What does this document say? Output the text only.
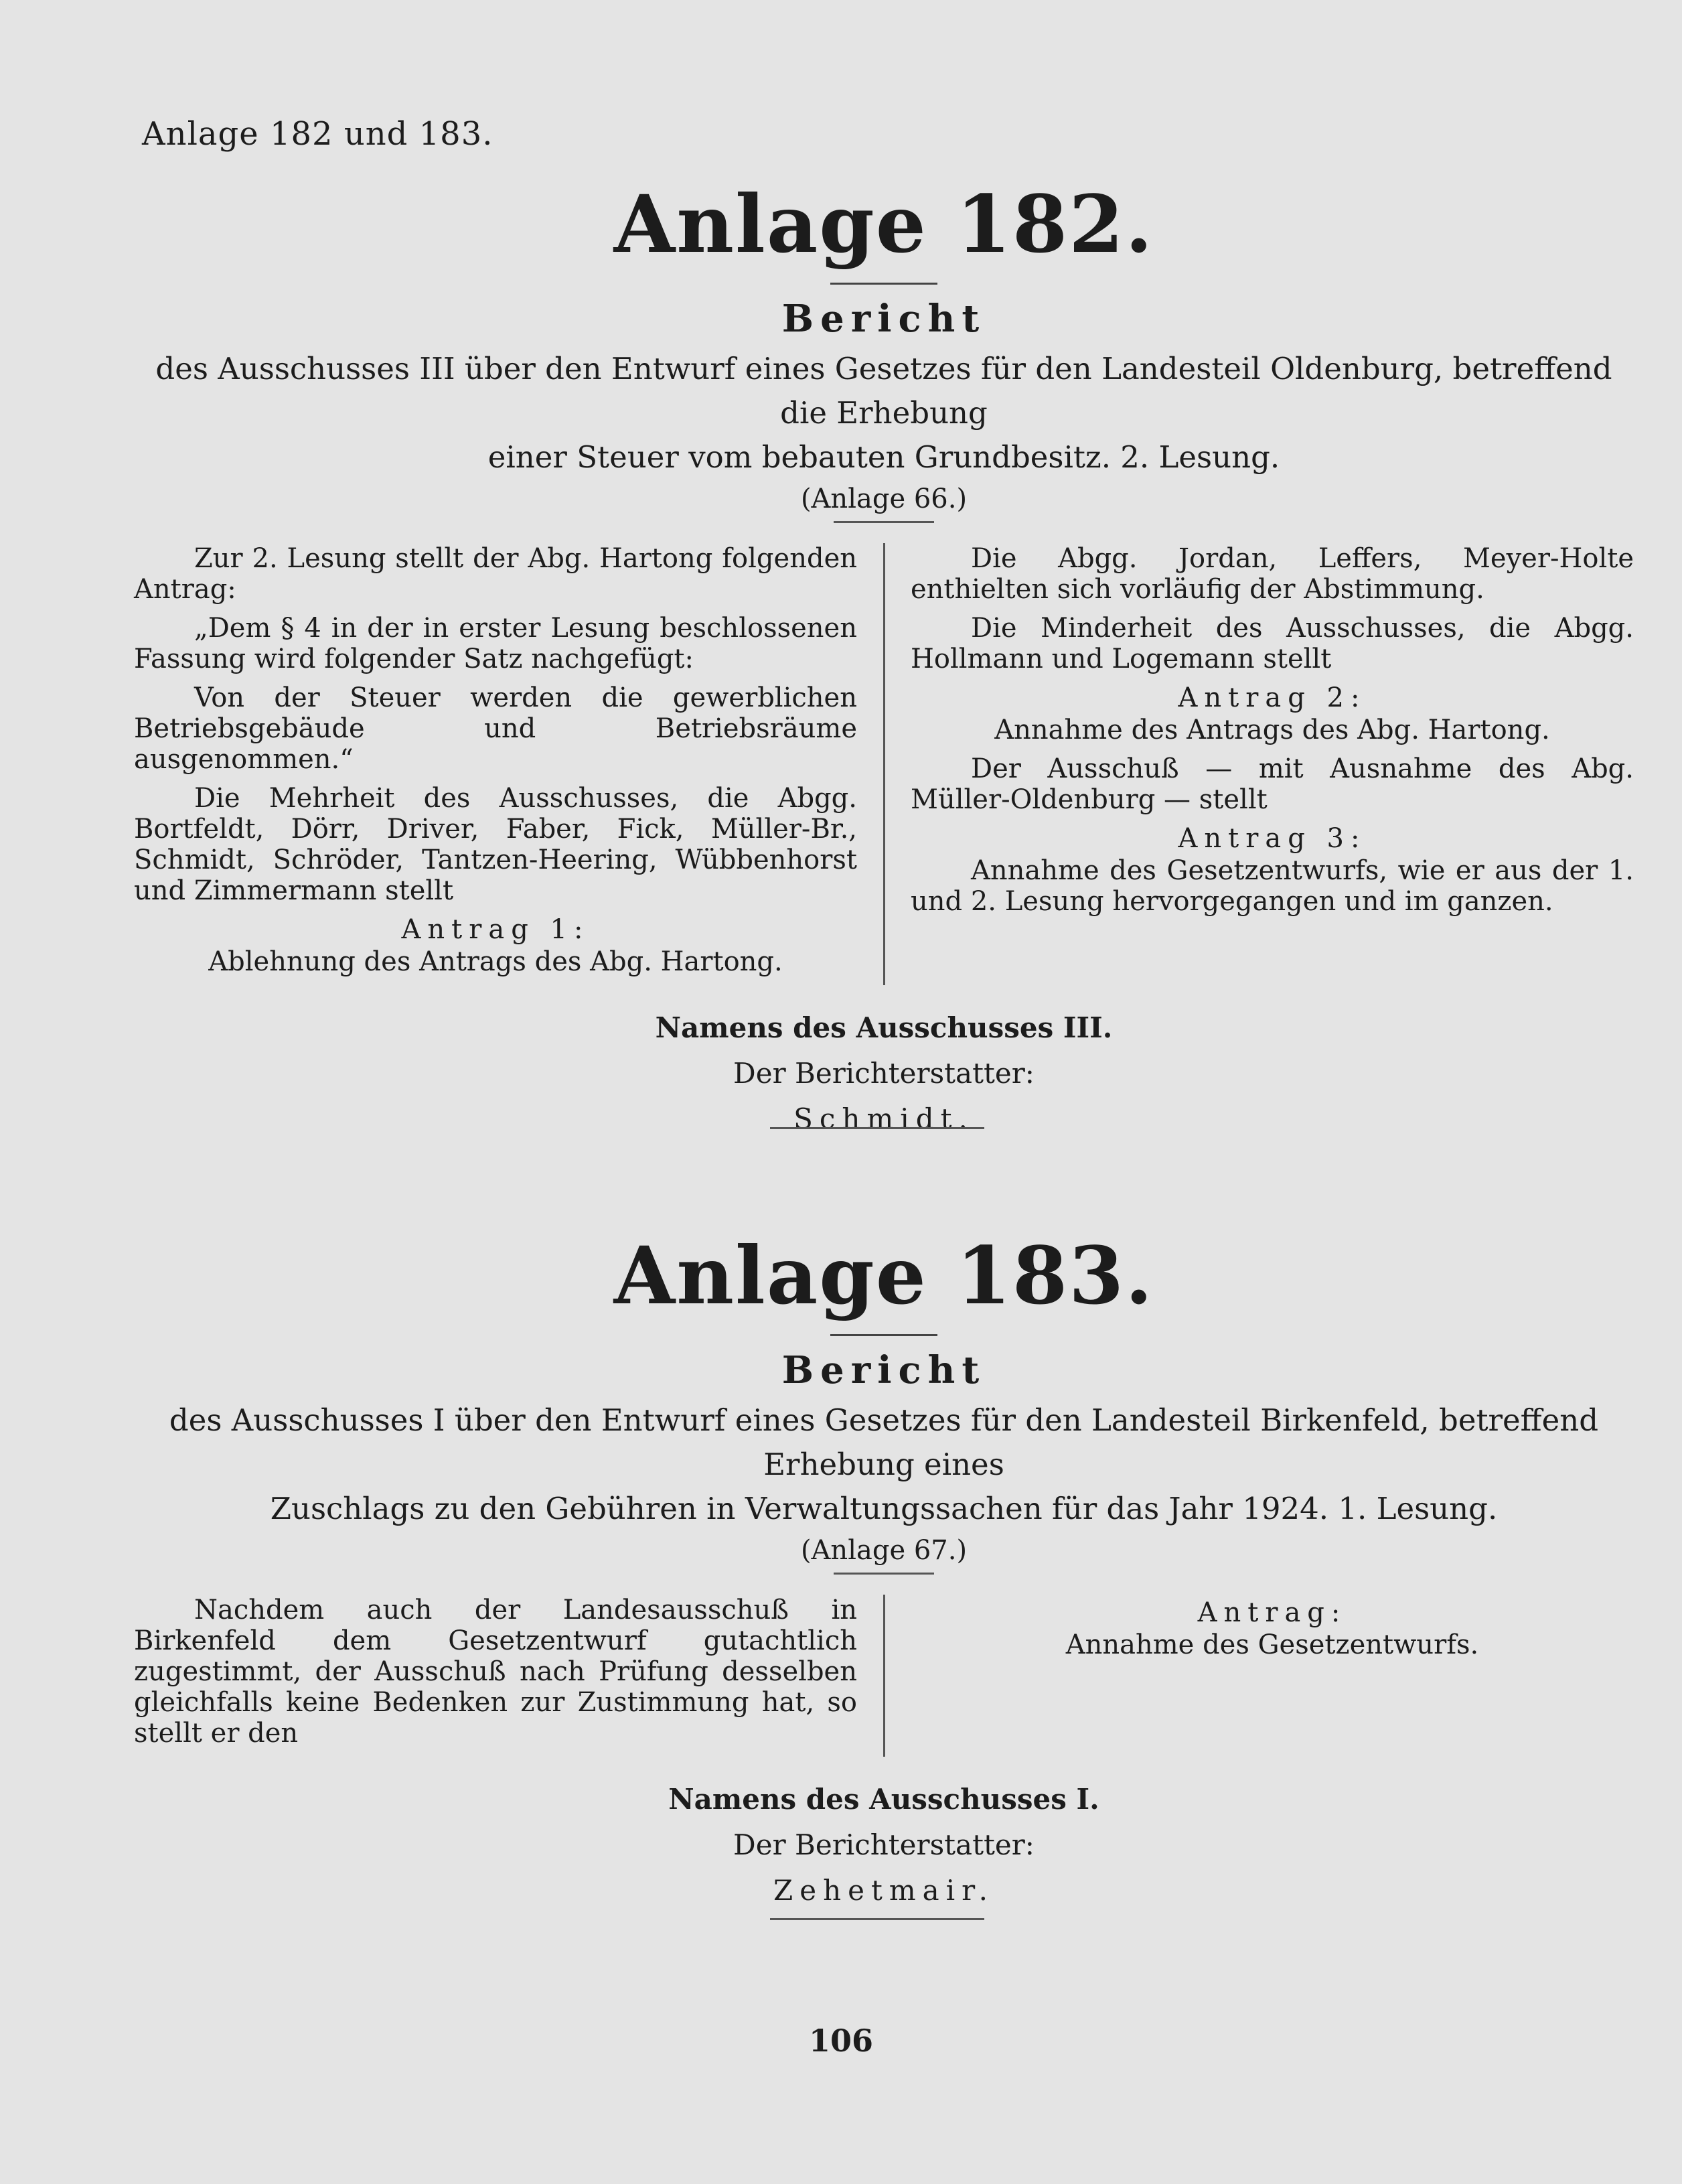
Anlage 182 und 183.
Anlage 182.
Bericht
des Ausschusses III über den Entwurf eines Gesetzes für den Landesteil Oldenburg, betreffend die Erhebung
einer Steuer vom bebauten Grundbesitz. 2. Lesung.
(Anlage 66.)

Zur 2. Lesung stellt der Abg. Hartong folgenden Antrag:

„Dem § 4 in der in erster Lesung beschlossenen Fassung wird folgender Satz nachgefügt:

Von der Steuer werden die gewerblichen Betriebsgebäude und Betriebsräume ausgenommen.“

Die Mehrheit des Ausschusses, die Abgg. Bortfeldt, Dörr, Driver, Faber, Fick, Müller-Br., Schmidt, Schröder, Tantzen-Heering, Wübbenhorst und Zimmermann stellt

Antrag 1:

Ablehnung des Antrags des Abg. Hartong.

Die Abgg. Jordan, Leffers, Meyer-Holte enthielten sich vorläufig der Abstimmung.

Die Minderheit des Ausschusses, die Abgg. Hollmann und Logemann stellt

Antrag 2:

Annahme des Antrags des Abg. Hartong.

Der Ausschuß — mit Ausnahme des Abg. Müller-Oldenburg — stellt

Antrag 3:

Annahme des Gesetzentwurfs, wie er aus der 1. und 2. Lesung hervorgegangen und im ganzen.

Namens des Ausschusses III.
Der Berichterstatter:
Schmidt.
Anlage 183.
Bericht
des Ausschusses I über den Entwurf eines Gesetzes für den Landesteil Birkenfeld, betreffend Erhebung eines
Zuschlags zu den Gebühren in Verwaltungssachen für das Jahr 1924. 1. Lesung.
(Anlage 67.)

Nachdem auch der Landesausschuß in Birkenfeld dem Gesetzentwurf gutachtlich zugestimmt, der Ausschuß nach Prüfung desselben gleichfalls keine Bedenken zur Zustimmung hat, so stellt er den

Antrag:

Annahme des Gesetzentwurfs.

Namens des Ausschusses I.
Der Berichterstatter:
Zehetmair.
106
